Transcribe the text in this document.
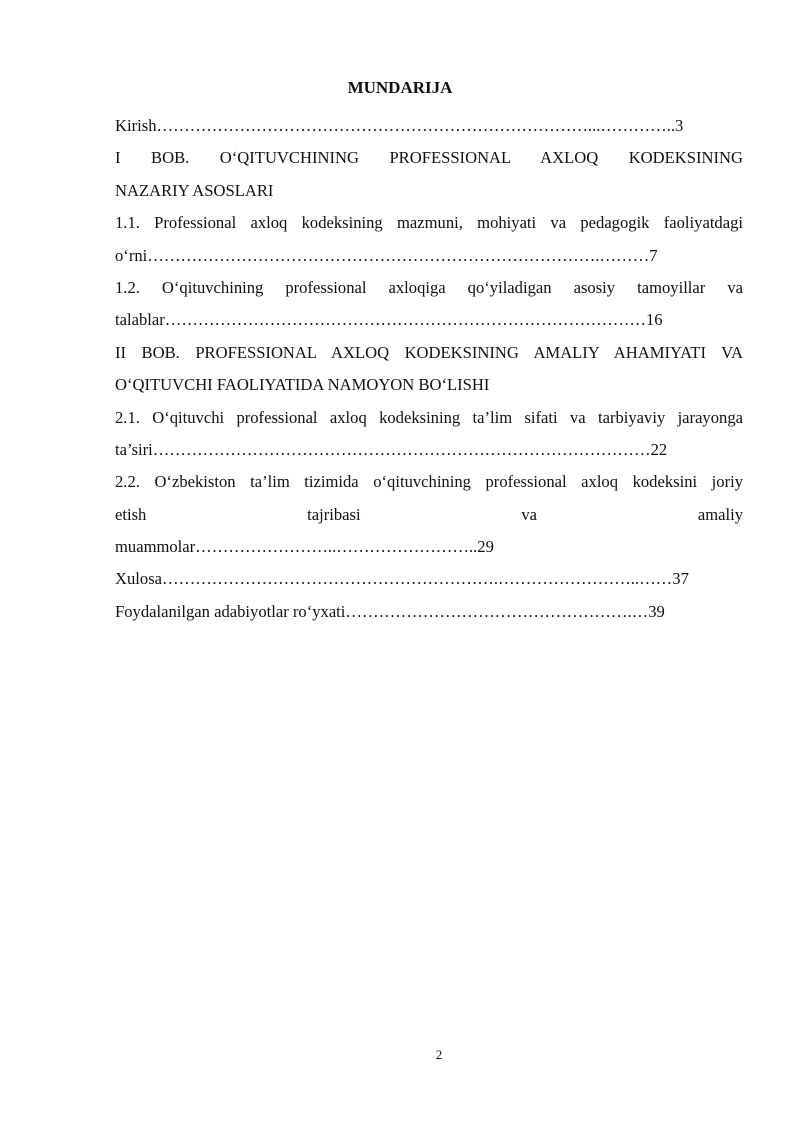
MUNDARIJA
Kirish……………………………………………………………………...…………..3
I BOB. O‘QITUVCHINING PROFESSIONAL AXLOQ KODEKSINING
NAZARIY ASOSLARI
1.1. Professional axloq kodeksining mazmuni, mohiyati va pedagogik faoliyatdagi
o‘rni……………………………………………………………………….………7
1.2. O‘qituvchining professional axloqiga qo‘yiladigan asosiy tamoyillar va
talablar……………………………………………………………………………16
II BOB. PROFESSIONAL AXLOQ KODEKSINING AMALIY AHAMIYATI VA
O‘QITUVCHI FAOLIYATIDA NAMOYON BO‘LISHI
2.1. O‘qituvchi professional axloq kodeksining ta’lim sifati va tarbiyaviy jarayonga
ta’siri………………………………………………………………………………22
2.2. O‘zbekiston ta’lim tizimida o‘qituvchining professional axloq kodeksini joriy
etish tajribasi va amaliy
muammolar……………………..……………………..29
Xulosa…………………………………………………….……………………..……37
Foydalanilgan adabiyotlar ro‘yxati…………………………………………….…39
2
